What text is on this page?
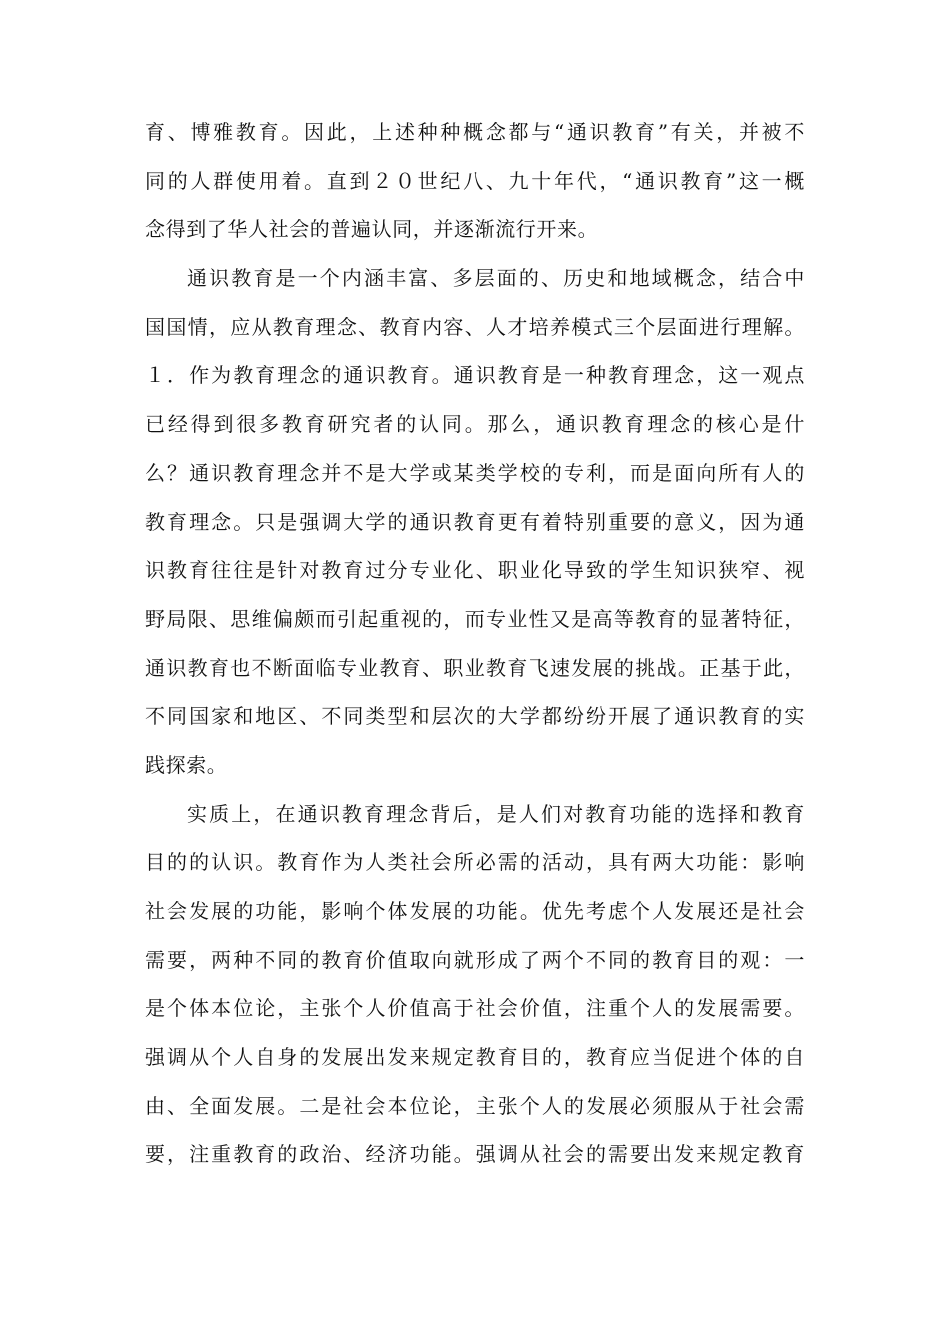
育、博雅教育。因此，上述种种概念都与“通识教育”有关，并被不
同的人群使用着。直到２０世纪八、九十年代，“通识教育”这一概
念得到了华人社会的普遍认同，并逐渐流行开来。
通识教育是一个内涵丰富、多层面的、历史和地域概念，结合中
国国情，应从教育理念、教育内容、人才培养模式三个层面进行理解。
１．作为教育理念的通识教育。通识教育是一种教育理念，这一观点
已经得到很多教育研究者的认同。那么，通识教育理念的核心是什
么？通识教育理念并不是大学或某类学校的专利，而是面向所有人的
教育理念。只是强调大学的通识教育更有着特别重要的意义，因为通
识教育往往是针对教育过分专业化、职业化导致的学生知识狭窄、视
野局限、思维偏颇而引起重视的，而专业性又是高等教育的显著特征，
通识教育也不断面临专业教育、职业教育飞速发展的挑战。正基于此，
不同国家和地区、不同类型和层次的大学都纷纷开展了通识教育的实
践探索。
实质上，在通识教育理念背后，是人们对教育功能的选择和教育
目的的认识。教育作为人类社会所必需的活动，具有两大功能：影响
社会发展的功能，影响个体发展的功能。优先考虑个人发展还是社会
需要，两种不同的教育价值取向就形成了两个不同的教育目的观：一
是个体本位论，主张个人价值高于社会价值，注重个人的发展需要。
强调从个人自身的发展出发来规定教育目的，教育应当促进个体的自
由、全面发展。二是社会本位论，主张个人的发展必须服从于社会需
要，注重教育的政治、经济功能。强调从社会的需要出发来规定教育
